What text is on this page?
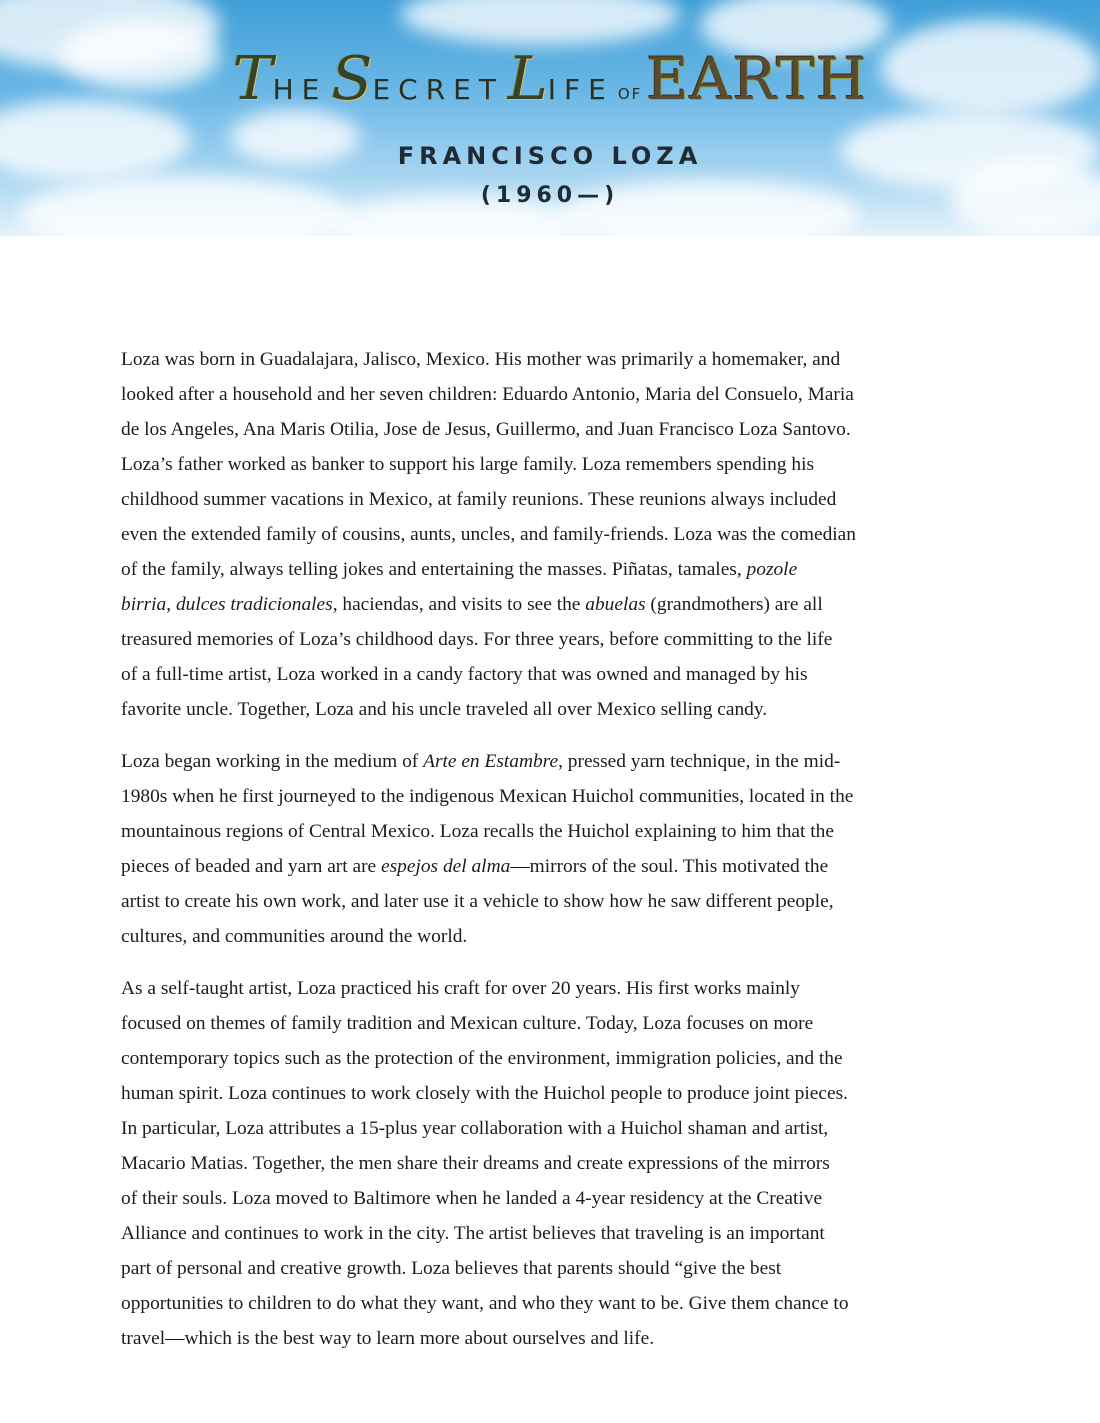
THE SECRET LIFE OFEARTH
FRANCISCO LOZA
(1960—)

Loza was born in Guadalajara, Jalisco, Mexico. His mother was primarily a homemaker, and
looked after a household and her seven children: Eduardo Antonio, Maria del Consuelo, Maria
de los Angeles, Ana Maris Otilia, Jose de Jesus, Guillermo, and Juan Francisco Loza Santovo.
Loza’s father worked as banker to support his large family. Loza remembers spending his
childhood summer vacations in Mexico, at family reunions. These reunions always included
even the extended family of cousins, aunts, uncles, and family-friends. Loza was the comedian
of the family, always telling jokes and entertaining the masses. Piñatas, tamales, pozole
birria, dulces tradicionales, haciendas, and visits to see the abuelas (grandmothers) are all
treasured memories of Loza’s childhood days. For three years, before committing to the life
of a full-time artist, Loza worked in a candy factory that was owned and managed by his
favorite uncle. Together, Loza and his uncle traveled all over Mexico selling candy.

Loza began working in the medium of Arte en Estambre, pressed yarn technique, in the mid-
1980s when he first journeyed to the indigenous Mexican Huichol communities, located in the
mountainous regions of Central Mexico. Loza recalls the Huichol explaining to him that the
pieces of beaded and yarn art are espejos del alma—mirrors of the soul. This motivated the
artist to create his own work, and later use it a vehicle to show how he saw different people,
cultures, and communities around the world.

As a self-taught artist, Loza practiced his craft for over 20 years. His first works mainly
focused on themes of family tradition and Mexican culture. Today, Loza focuses on more
contemporary topics such as the protection of the environment, immigration policies, and the
human spirit. Loza continues to work closely with the Huichol people to produce joint pieces.
In particular, Loza attributes a 15-plus year collaboration with a Huichol shaman and artist,
Macario Matias. Together, the men share their dreams and create expressions of the mirrors
of their souls. Loza moved to Baltimore when he landed a 4-year residency at the Creative
Alliance and continues to work in the city. The artist believes that traveling is an important
part of personal and creative growth. Loza believes that parents should “give the best
opportunities to children to do what they want, and who they want to be. Give them chance to
travel—which is the best way to learn more about ourselves and life.
